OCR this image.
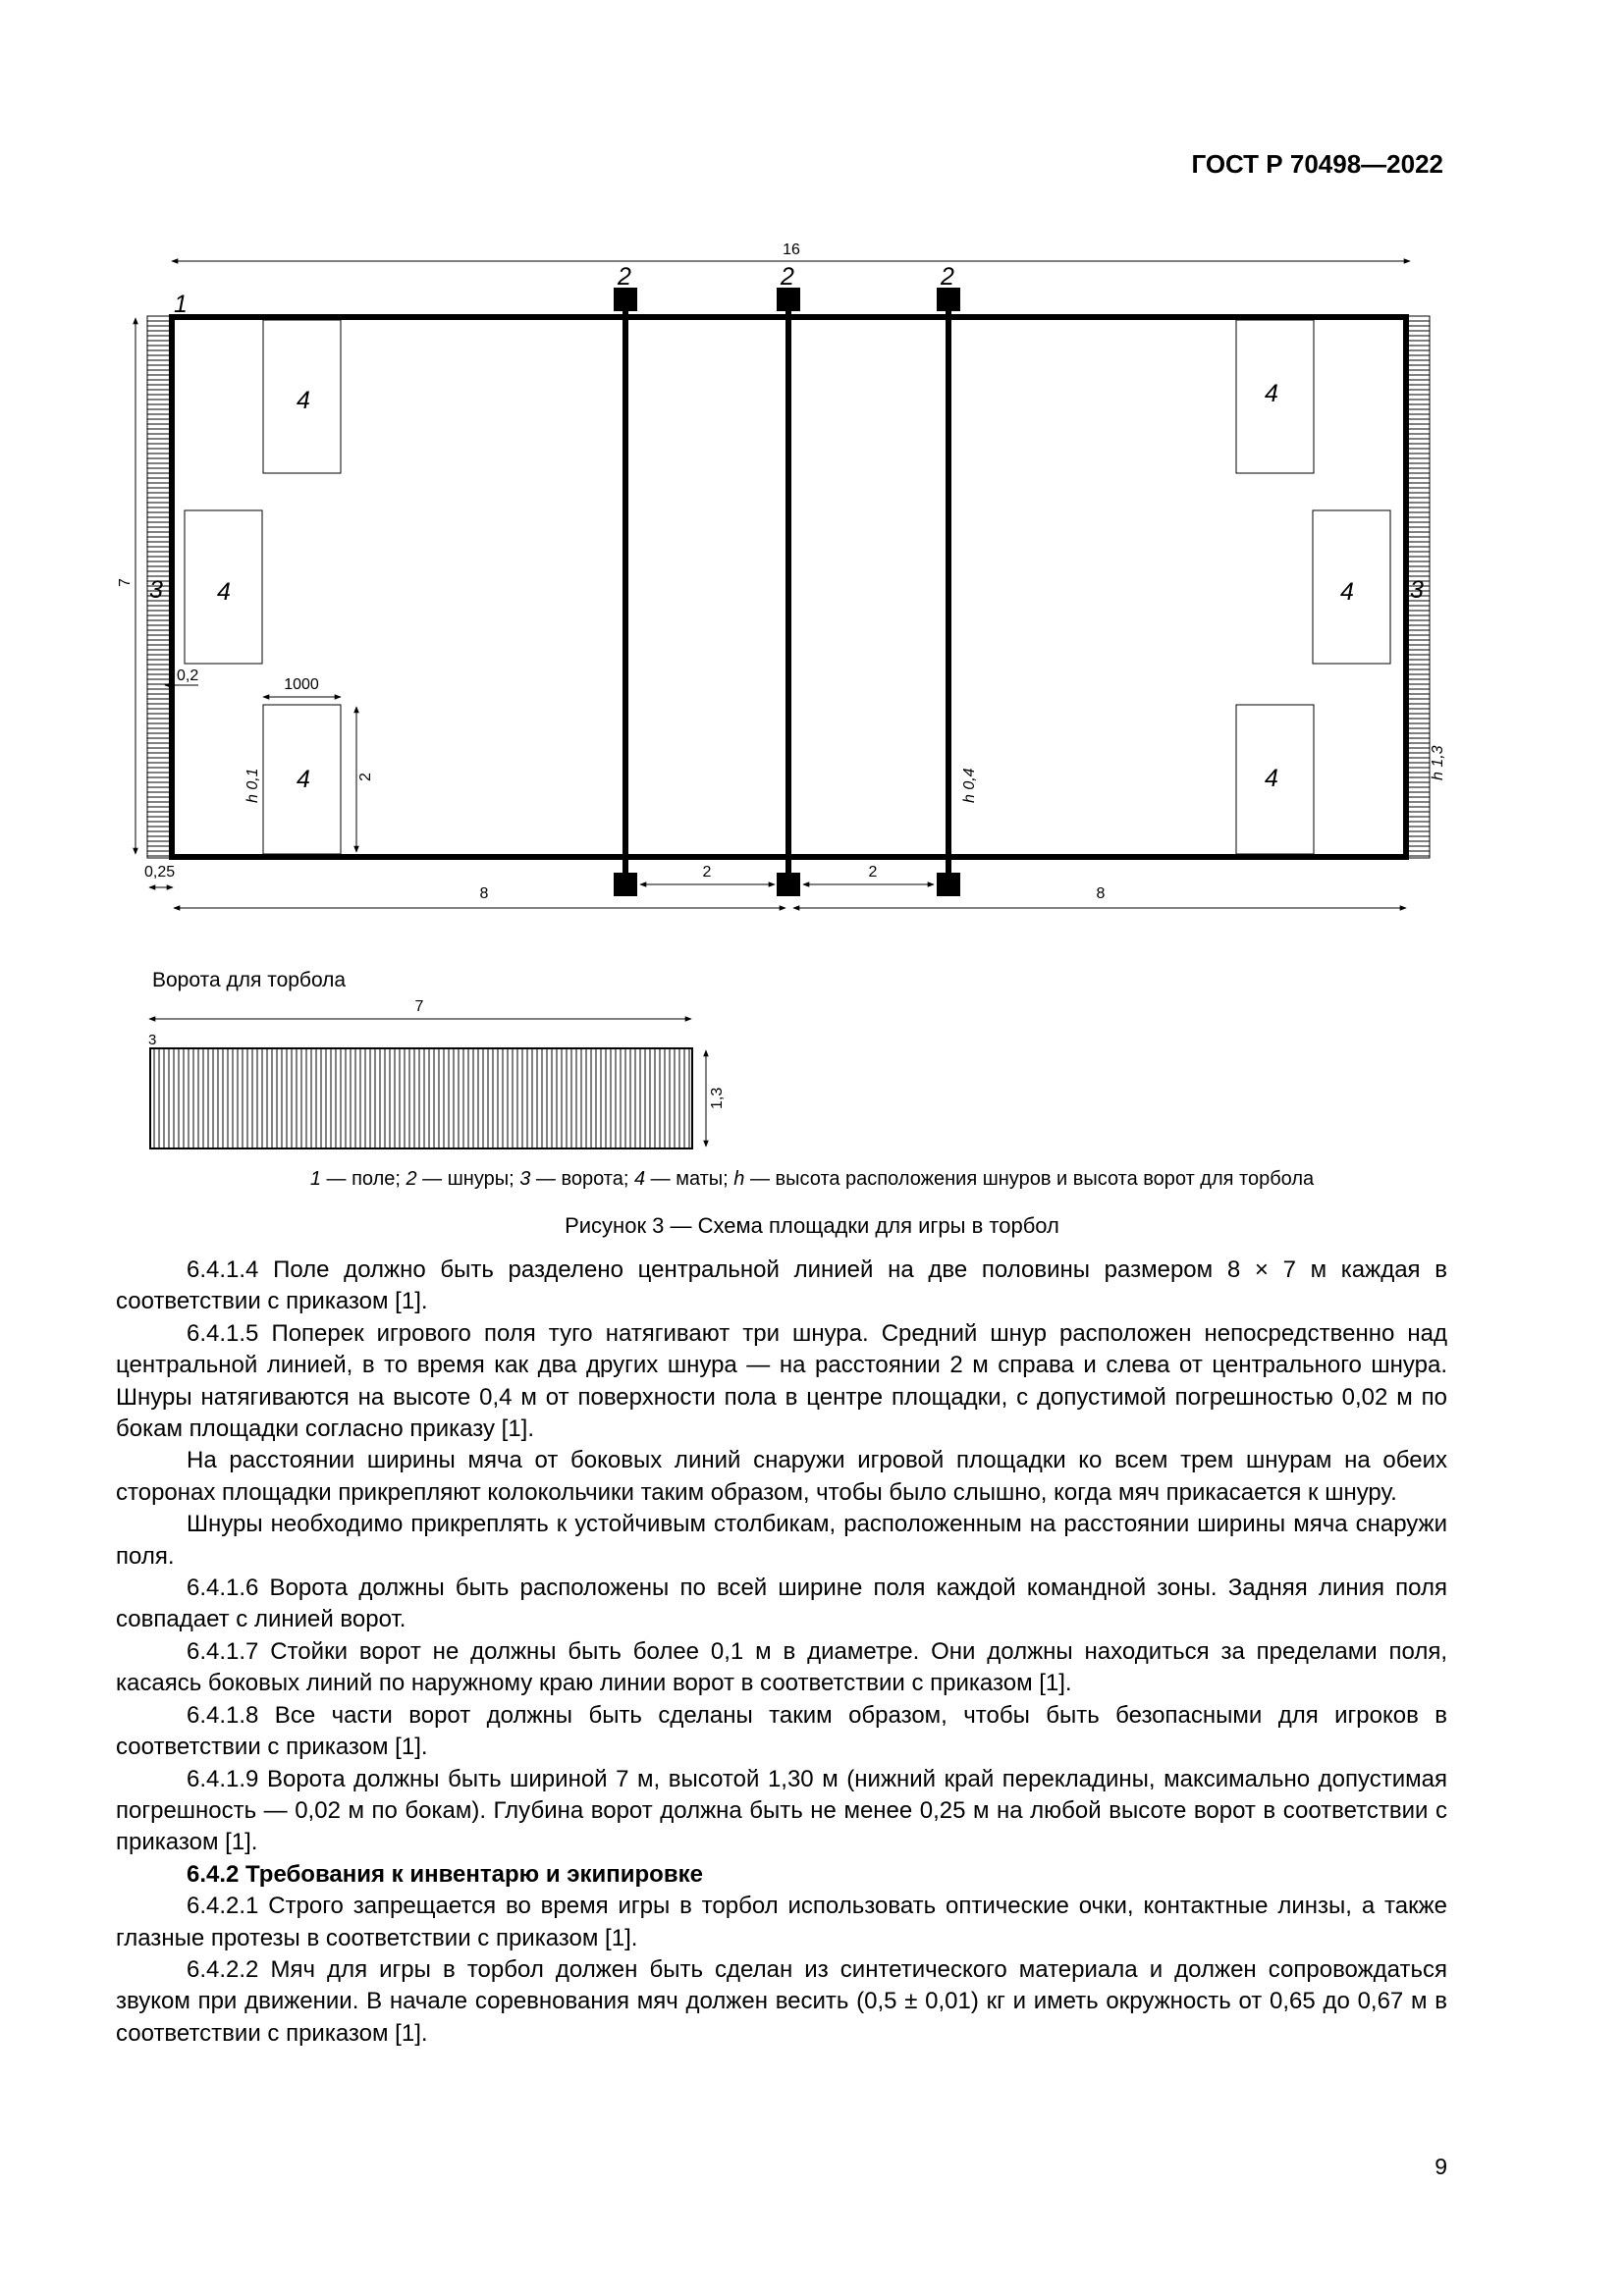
ГОСТ Р 70498—2022
16
1
3	3
7
4
4
4
4
4
4
2	2	2
2	2
8	8
0,2
0,25
1000
2
h 0,1	h 0,4
h 1,3
7
3
1,3
Ворота для торбола
1 — поле; 2 — шнуры; 3 — ворота; 4 — маты; h — высота расположения шнуров и высота ворот для торбола
Рисунок 3 — Схема площадки для игры в торбол

6.4.1.4 Поле должно быть разделено центральной линией на две половины размером 8 × 7 м каждая в соответствии с приказом [1].

6.4.1.5 Поперек игрового поля туго натягивают три шнура. Средний шнур расположен непосредственно над центральной линией, в то время как два других шнура — на расстоянии 2 м справа и слева от центрального шнура. Шнуры натягиваются на высоте 0,4 м от поверхности пола в центре площадки, с допустимой погрешностью 0,02 м по бокам площадки согласно приказу [1].

На расстоянии ширины мяча от боковых линий снаружи игровой площадки ко всем трем шнурам на обеих сторонах площадки прикрепляют колокольчики таким образом, чтобы было слышно, когда мяч прикасается к шнуру.

Шнуры необходимо прикреплять к устойчивым столбикам, расположенным на расстоянии ширины мяча снаружи поля.

6.4.1.6 Ворота должны быть расположены по всей ширине поля каждой командной зоны. Задняя линия поля совпадает с линией ворот.

6.4.1.7 Стойки ворот не должны быть более 0,1 м в диаметре. Они должны находиться за пределами поля, касаясь боковых линий по наружному краю линии ворот в соответствии с приказом [1].

6.4.1.8 Все части ворот должны быть сделаны таким образом, чтобы быть безопасными для игроков в соответствии с приказом [1].

6.4.1.9 Ворота должны быть шириной 7 м, высотой 1,30 м (нижний край перекладины, максимально допустимая погрешность — 0,02 м по бокам). Глубина ворот должна быть не менее 0,25 м на любой высоте ворот в соответствии с приказом [1].

6.4.2 Требования к инвентарю и экипировке

6.4.2.1 Строго запрещается во время игры в торбол использовать оптические очки, контактные линзы, а также глазные протезы в соответствии с приказом [1].

6.4.2.2 Мяч для игры в торбол должен быть сделан из синтетического материала и должен сопровождаться звуком при движении. В начале соревнования мяч должен весить (0,5 ± 0,01) кг и иметь окружность от 0,65 до 0,67 м в соответствии с приказом [1].

9
